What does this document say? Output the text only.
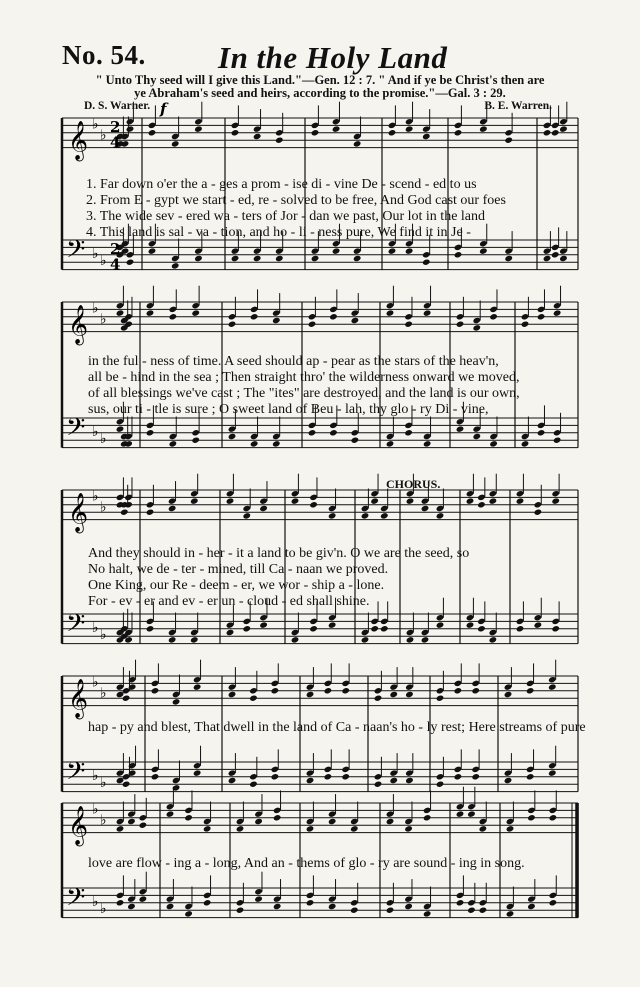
No. 54. In the Holy Land
" Unto Thy seed will I give this Land."—Gen. 12 : 7. " And if ye be Christ's then are
ye Abraham's seed and heirs, according to the promise."—Gal. 3 : 29.
D. S. Warner.	B. E. Warren.
CHORUS.
𝄞
𝄢
♭
♭
♭
♭
𝄞
𝄢
♭
♭
♭
♭
𝄞
𝄢
♭
♭
♭
♭
𝄞
𝄢
♭
♭
♭
♭
𝄞
𝄢
♭
♭
♭
♭
2
4
2
4
f
1. Far down o'er the a - ges a prom - ise di - vine De - scend - ed to us
2. From E - gypt we start - ed, re - solved to be free, And God cast our foes
3. The wide sev - ered wa - ters of Jor - dan we past, Our lot in the land
4. This land is sal - va - tion, and ho - li - ness pure, We find it in Je -
in the ful - ness of time. A seed should ap - pear as the stars of the heav'n,
all be - hind in the sea ; Then straight thro' the wilderness onward we moved,
of all blessings we've cast ; The "ites" are destroyed, and the land is our own,
sus, our ti - tle is sure ; O sweet land of Beu - lah, thy glo - ry Di - vine,
And they should in - her - it a land to be giv'n. O we are the seed, so
No halt, we de - ter - mined, till Ca - naan we proved.
One King, our Re - deem - er, we wor - ship a - lone.
For - ev - er and ev - er un - cloud - ed shall shine.
hap - py and blest, That dwell in the land of Ca - naan's ho - ly rest; Here streams of pure
love are flow - ing a - long, And an - thems of glo - ry are sound - ing in song.
